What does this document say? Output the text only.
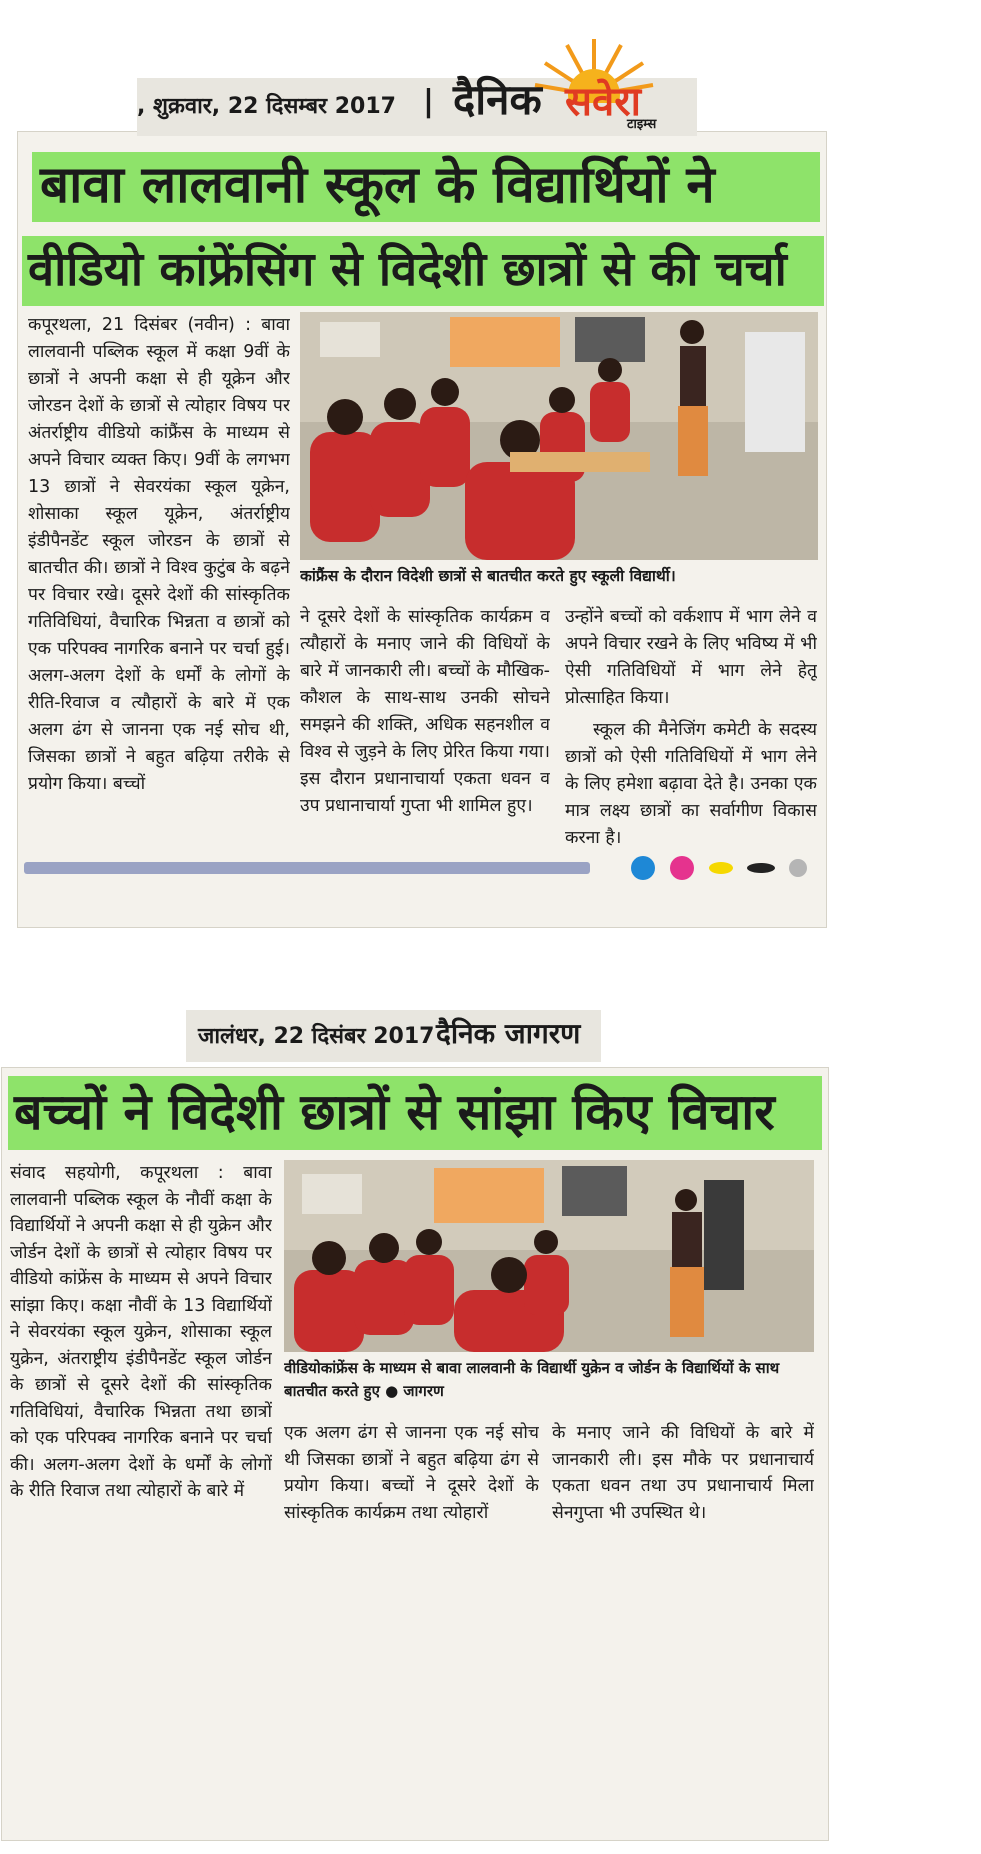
, शुक्रवार, 22 दिसम्बर 2017 | दैनिक सवेरा
टाइम्स
बावा लालवानी स्कूल के विद्यार्थियों ने
वीडियो कांफ्रेंसिंग से विदेशी छात्रों से की चर्चा
कपूरथला, 21 दिसंबर (नवीन) : बावा लालवानी पब्लिक स्कूल में कक्षा 9वीं के छात्रों ने अपनी कक्षा से ही यूक्रेन और जोरडन देशों के छात्रों से त्योहार विषय पर अंतर्राष्ट्रीय वीडियो कांफ्रैंस के माध्यम से अपने विचार व्यक्त किए। 9वीं के लगभग 13 छात्रों ने सेवरयंका स्कूल यूक्रेन, शोसाका स्कूल यूक्रेन, अंतर्राष्ट्रीय इंडीपैनडेंट स्कूल जोरडन के छात्रों से बातचीत की। छात्रों ने विश्व कुटुंब के बढ़ने पर विचार रखे। दूसरे देशों की सांस्कृतिक गतिविधियां, वैचारिक भिन्नता व छात्रों को एक परिपक्व नागरिक बनाने पर चर्चा हुई। अलग-अलग देशों के धर्मों के लोगों के रीति-रिवाज व त्यौहारों के बारे में एक अलग ढंग से जानना एक नई सोच थी, जिसका छात्रों ने बहुत बढ़िया तरीके से प्रयोग किया। बच्चों
कांफ्रैंस के दौरान विदेशी छात्रों से बातचीत करते हुए स्कूली विद्यार्थी।
ने दूसरे देशों के सांस्कृतिक कार्यक्रम व त्यौहारों के मनाए जाने की विधियों के बारे में जानकारी ली। बच्चों के मौखिक-कौशल के साथ-साथ उनकी सोचने समझने की शक्ति, अधिक सहनशील व विश्व से जुड़ने के लिए प्रेरित किया गया। इस दौरान प्रधानाचार्या एकता धवन व उप प्रधानाचार्या गुप्ता भी शामिल हुए।
उन्होंने बच्चों को वर्कशाप में भाग लेने व अपने विचार रखने के लिए भविष्य में भी ऐसी गतिविधियों में भाग लेने हेतू प्रोत्साहित किया।
स्कूल की मैनेजिंग कमेटी के सदस्य छात्रों को ऐसी गतिविधियों में भाग लेने के लिए हमेशा बढ़ावा देते है। उनका एक मात्र लक्ष्य छात्रों का सर्वागीण विकास करना है।
जालंधर, 22 दिसंबर 2017 दैनिक जागरण
बच्चों ने विदेशी छात्रों से सांझा किए विचार
संवाद सहयोगी, कपूरथला : बावा लालवानी पब्लिक स्कूल के नौवीं कक्षा के विद्यार्थियों ने अपनी कक्षा से ही युक्रेन और जोर्डन देशों के छात्रों से त्योहार विषय पर वीडियो कांफ्रेंस के माध्यम से अपने विचार सांझा किए। कक्षा नौवीं के 13 विद्यार्थियों ने सेवरयंका स्कूल युक्रेन, शोसाका स्कूल युक्रेन, अंतराष्ट्रीय इंडीपैनडेंट स्कूल जोर्डन के छात्रों से दूसरे देशों की सांस्कृतिक गतिविधियां, वैचारिक भिन्नता तथा छात्रों को एक परिपक्व नागरिक बनाने पर चर्चा की। अलग-अलग देशों के धर्मों के लोगों के रीति रिवाज तथा त्योहारों के बारे में
वीडियोकांफ्रेंस के माध्यम से बावा लालवानी के विद्यार्थी युक्रेन व जोर्डन के विद्यार्थियों के साथ बातचीत करते हुए ● जागरण
एक अलग ढंग से जानना एक नई सोच थी जिसका छात्रों ने बहुत बढ़िया ढंग से प्रयोग किया। बच्चों ने दूसरे देशों के सांस्कृतिक कार्यक्रम तथा त्योहारों
के मनाए जाने की विधियों के बारे में जानकारी ली। इस मौके पर प्रधानाचार्य एकता धवन तथा उप प्रधानाचार्य मिला सेनगुप्ता भी उपस्थित थे।
